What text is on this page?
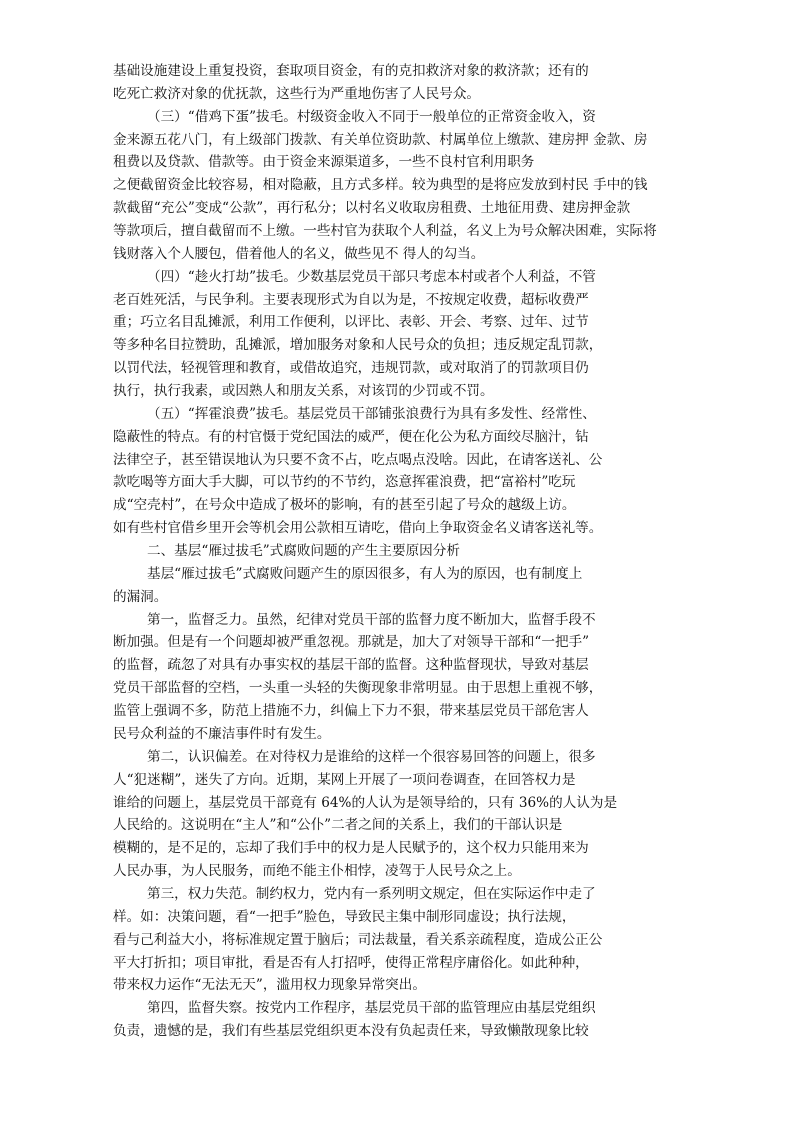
基础设施建设上重复投资，套取项目资金，有的克扣救济对象的救济款；还有的
吃死亡救济对象的优抚款，这些行为严重地伤害了人民号众。
（三）“借鸡下蛋”拔毛。村级资金收入不同于一般单位的正常资金收入，资
金来源五花八门，有上级部门拨款、有关单位资助款、村属单位上缴款、建房押 金款、房
租费以及贷款、借款等。由于资金来源渠道多，一些不良村官利用职务
之便截留资金比较容易，相对隐蔽，且方式多样。较为典型的是将应发放到村民 手中的钱
款截留“充公”变成“公款”，再行私分；以村名义收取房租费、土地征用费、建房押金款
等款项后，擅自截留而不上缴。一些村官为获取个人利益，名义上为号众解决困难，实际将
钱财落入个人腰包，借着他人的名义，做些见不 得人的勾当。
（四）“趁火打劫”拔毛。少数基层党员干部只考虑本村或者个人利益，不管
老百姓死活，与民争利。主要表现形式为自以为是，不按规定收费，超标收费严
重；巧立名目乱摊派，利用工作便利，以评比、表彰、开会、考察、过年、过节
等多种名目拉赞助，乱摊派，增加服务对象和人民号众的负担；违反规定乱罚款，
以罚代法，轻视管理和教育，或借故追究，违规罚款，或对取消了的罚款项目仍
执行，执行我素，或因熟人和朋友关系，对该罚的少罚或不罚。
（五）“挥霍浪费”拔毛。基层党员干部铺张浪费行为具有多发性、经常性、
隐蔽性的特点。有的村官慑于党纪国法的威严，便在化公为私方面绞尽脑汁，钻
法律空子，甚至错误地认为只要不贪不占，吃点喝点没啥。因此，在请客送礼、公
款吃喝等方面大手大脚，可以节约的不节约，恣意挥霍浪费，把“富裕村”吃玩
成“空壳村”，在号众中造成了极坏的影响，有的甚至引起了号众的越级上访。
如有些村官借乡里开会等机会用公款相互请吃，借向上争取资金名义请客送礼等。
二、基层“雁过拔毛”式腐败问题的产生主要原因分析
基层“雁过拔毛”式腐败问题产生的原因很多，有人为的原因，也有制度上
的漏洞。
第一，监督乏力。虽然，纪律对党员干部的监督力度不断加大，监督手段不
断加强。但是有一个问题却被严重忽视。那就是，加大了对领导干部和“一把手”
的监督，疏忽了对具有办事实权的基层干部的监督。这种监督现状，导致对基层
党员干部监督的空档，一头重一头轻的失衡现象非常明显。由于思想上重视不够，
监管上强调不多，防范上措施不力，纠偏上下力不狠，带来基层党员干部危害人
民号众利益的不廉洁事件时有发生。
第二，认识偏差。在对待权力是谁给的这样一个很容易回答的问题上，很多
人“犯迷糊”，迷失了方向。近期，某网上开展了一项问卷调查，在回答权力是
谁给的问题上，基层党员干部竟有 64%的人认为是领导给的，只有 36%的人认为是
人民给的。这说明在“主人”和“公仆”二者之间的关系上，我们的干部认识是
模糊的，是不足的，忘却了我们手中的权力是人民赋予的，这个权力只能用来为
人民办事，为人民服务，而绝不能主仆相悖，凌驾于人民号众之上。
第三，权力失范。制约权力，党内有一系列明文规定，但在实际运作中走了
样。如：决策问题，看“一把手”脸色，导致民主集中制形同虚设；执行法规，
看与己利益大小，将标准规定置于脑后；司法裁量，看关系亲疏程度，造成公正公
平大打折扣；项目审批，看是否有人打招呼，使得正常程序庸俗化。如此种种，
带来权力运作“无法无天”，滥用权力现象异常突出。
第四，监督失察。按党内工作程序，基层党员干部的监管理应由基层党组织
负责，遗憾的是，我们有些基层党组织更本没有负起责任来，导致懒散现象比较
